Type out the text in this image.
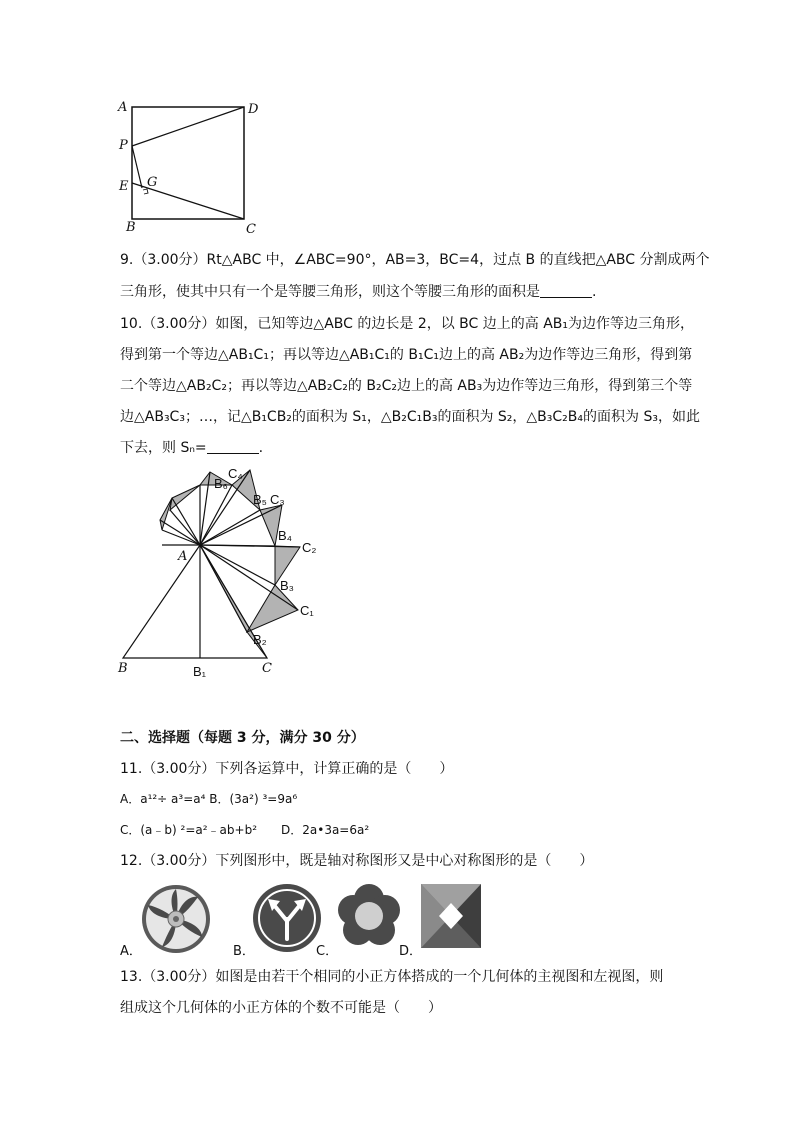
A	D
P
E G
B	C
9.（3.00分）Rt△ABC 中，∠ABC=90°，AB=3，BC=4，过点 B 的直线把△ABC 分割成两个
三角形，使其中只有一个是等腰三角形，则这个等腰三角形的面积是	.
10.（3.00分）如图，已知等边△ABC 的边长是 2，以 BC 边上的高 AB₁为边作等边三角形，
得到第一个等边△AB₁C₁；再以等边△AB₁C₁的 B₁C₁边上的高 AB₂为边作等边三角形，得到第
二个等边△AB₂C₂；再以等边△AB₂C₂的 B₂C₂边上的高 AB₃为边作等边三角形，得到第三个等
边△AB₃C₃；…，记△B₁CB₂的面积为 S₁，△B₂C₁B₃的面积为 S₂，△B₃C₂B₄的面积为 S₃，如此
下去，则 Sₙ=	.
A
B	C
B₁
B₂
B₃
C₁
B₄
C₂
B₅ C₃
B₆
C₄
二、选择题（每题 3 分，满分 30 分）
11.（3.00分）下列各运算中，计算正确的是（　　）
A．a¹²÷ a³=a⁴ B．(3a²) ³=9a⁶
C．(a﹣b) ²=a²﹣ab+b²　　D．2a•3a=6a²
12.（3.00分）下列图形中，既是轴对称图形又是中心对称图形的是（　　）
A．	B．	C．	D．
13.（3.00分）如图是由若干个相同的小正方体搭成的一个几何体的主视图和左视图，则
组成这个几何体的小正方体的个数不可能是（　　）
